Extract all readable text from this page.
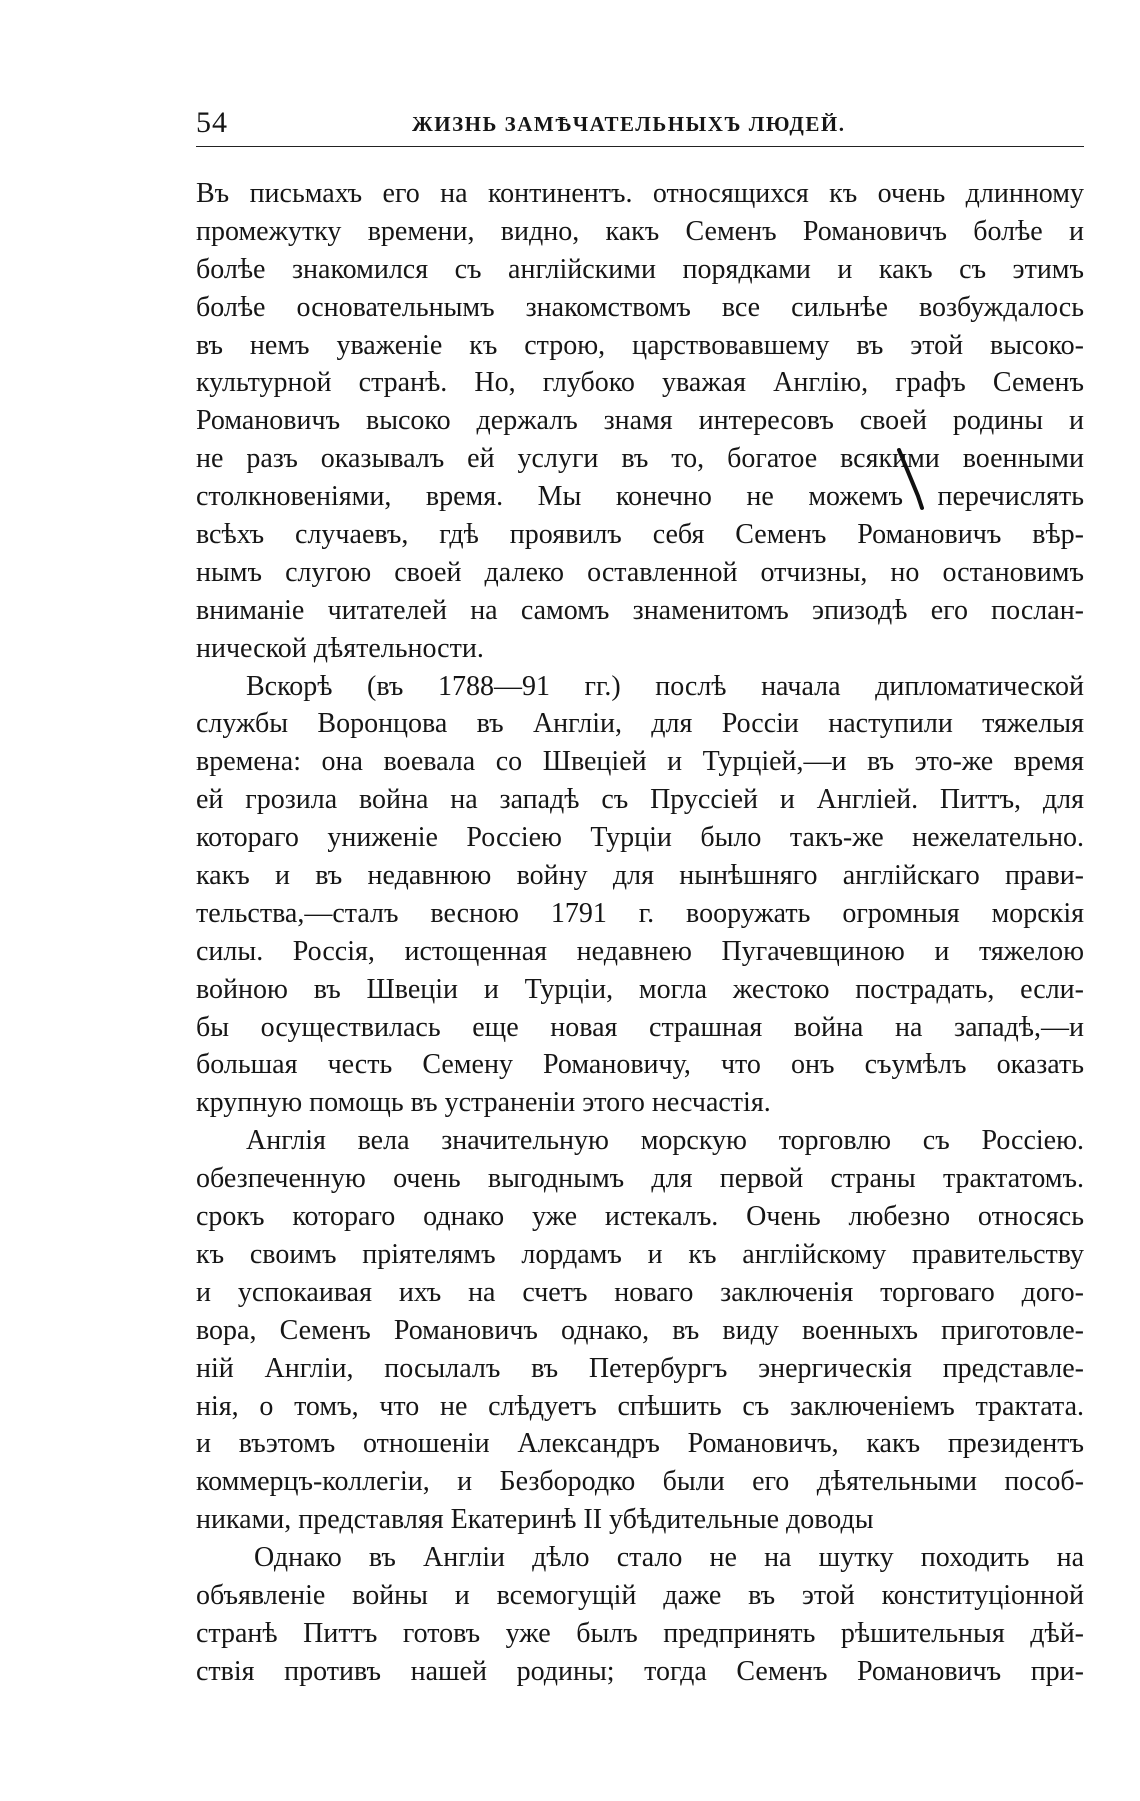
54	ЖИЗНЬ ЗАМѢЧАТЕЛЬНЫХЪ ЛЮДЕЙ.
Въ письмахъ его на континентъ. относящихся къ очень длинному
промежутку времени, видно, какъ Семенъ Романовичъ болѣе и
болѣе знакомился съ англійскими порядками и какъ съ этимъ
болѣе основательнымъ знакомствомъ все сильнѣе возбуждалось
въ немъ уваженіе къ строю, царствовавшему въ этой высоко-
культурной странѣ. Но, глубоко уважая Англію, графъ Семенъ
Романовичъ высоко держалъ знамя интересовъ своей родины и
не разъ оказывалъ ей услуги въ то, богатое всякими военными
столкновеніями, время. Мы конечно не можемъ перечислять
всѣхъ случаевъ, гдѣ проявилъ себя Семенъ Романовичъ вѣр-
нымъ слугою своей далеко оставленной отчизны, но остановимъ
вниманіе читателей на самомъ знаменитомъ эпизодѣ его послан-
нической дѣятельности.
Вскорѣ (въ 1788—91 гг.) послѣ начала дипломатической
службы Воронцова въ Англіи, для Россіи наступили тяжелыя
времена: она воевала со Швеціей и Турціей,—и въ это-же время
ей грозила война на западѣ съ Пруссіей и Англіей. Питтъ, для
котораго униженіе Россіею Турціи было такъ-же нежелательно.
какъ и въ недавнюю войну для нынѣшняго англійскаго прави-
тельства,—сталъ весною 1791 г. вооружать огромныя морскія
силы. Россія, истощенная недавнею Пугачевщиною и тяжелою
войною въ Швеціи и Турціи, могла жестоко пострадать, если-
бы осуществилась еще новая страшная война на западѣ,—и
большая честь Семену Романовичу, что онъ съумѣлъ оказать
крупную помощь въ устраненіи этого несчастія.
Англія вела значительную морскую торговлю съ Россіею.
обезпеченную очень выгоднымъ для первой страны трактатомъ.
срокъ котораго однако уже истекалъ. Очень любезно относясь
къ своимъ пріятелямъ лордамъ и къ англійскому правительству
и успокаивая ихъ на счетъ новаго заключенія торговаго дого-
вора, Семенъ Романовичъ однако, въ виду военныхъ приготовле-
ній Англіи, посылалъ въ Петербургъ энергическія представле-
нія, о томъ, что не слѣдуетъ спѣшить съ заключеніемъ трактата.
и въэтомъ отношеніи Александръ Романовичъ, какъ президентъ
коммерцъ-коллегіи, и Безбородко были его дѣятельными пособ-
никами, представляя Екатеринѣ II убѣдительные доводы
Однако въ Англіи дѣло стало не на шутку походить на
объявленіе войны и всемогущій даже въ этой конституціонной
странѣ Питтъ готовъ уже былъ предпринять рѣшительныя дѣй-
ствія противъ нашей родины; тогда Семенъ Романовичъ при-
